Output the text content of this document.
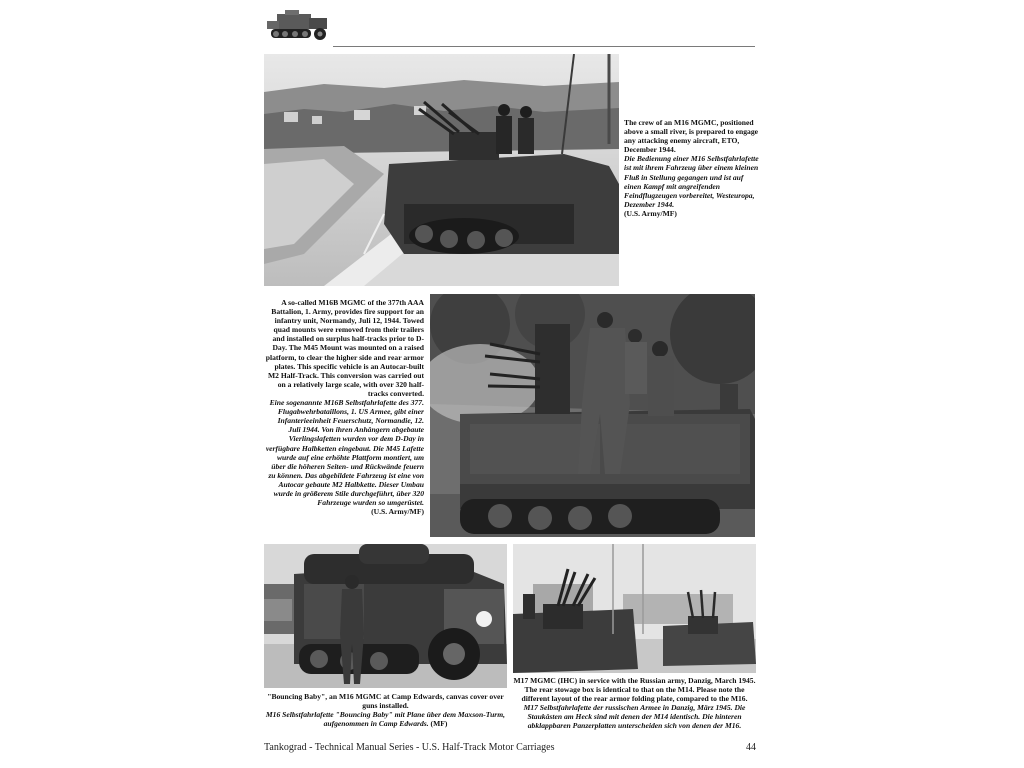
The crew of an M16 MGMC, positioned above a small river, is prepared to engage any attacking enemy aircraft, ETO, December 1944.
Die Bedienung einer M16 Selbstfahrlafette ist mit ihrem Fahrzeug über einem kleinen Fluß in Stellung gegangen und ist auf einen Kampf mit angreifenden Feindflugzeugen vorbereitet, Westeuropa, Dezember 1944.
(U.S. Army/MF)
A so-called M16B MGMC of the 377th AAA Battalion, 1. Army, provides fire support for an infantry unit, Normandy, Juli 12, 1944. Towed quad mounts were removed from their trailers and installed on surplus half-tracks prior to D-Day. The M45 Mount was mounted on a raised platform, to clear the higher side and rear armor plates. This specific vehicle is an Autocar-built M2 Half-Track. This conversion was carried out on a relatively large scale, with over 320 half-tracks converted.
Eine sogenannte M16B Selbstfahrlafette des 377. Flugabwehrbataillons, 1. US Armee, gibt einer Infanterieeinheit Feuerschutz, Normandie, 12. Juli 1944. Von ihren Anhängern abgebaute Vierlingslafetten wurden vor dem D-Day in verfügbare Halbketten eingebaut. Die M45 Lafette wurde auf eine erhöhte Plattform montiert, um über die höheren Seiten- und Rückwände feuern zu können. Das abgebildete Fahrzeug ist eine von Autocar gebaute M2 Halbkette. Dieser Umbau wurde in größerem Stile durchgeführt, über 320 Fahrzeuge wurden so umgerüstet.
(U.S. Army/MF)
"Bouncing Baby", an M16 MGMC at Camp Edwards, canvas cover over guns installed.
M16 Selbstfahrlafette "Bouncing Baby" mit Plane über dem Maxson-Turm, aufgenommen in Camp Edwards. (MF)
M17 MGMC (IHC) in service with the Russian army, Danzig, March 1945. The rear stowage box is identical to that on the M14. Please note the different layout of the rear armor folding plate, compared to the M16.
M17 Selbstfahrlafette der russischen Armee in Danzig, März 1945. Die Staukästen am Heck sind mit denen der M14 identisch. Die hinteren abklappbaren Panzerplatten unterscheiden sich von denen der M16.
Tankograd - Technical Manual Series - U.S. Half-Track Motor Carriages	44
